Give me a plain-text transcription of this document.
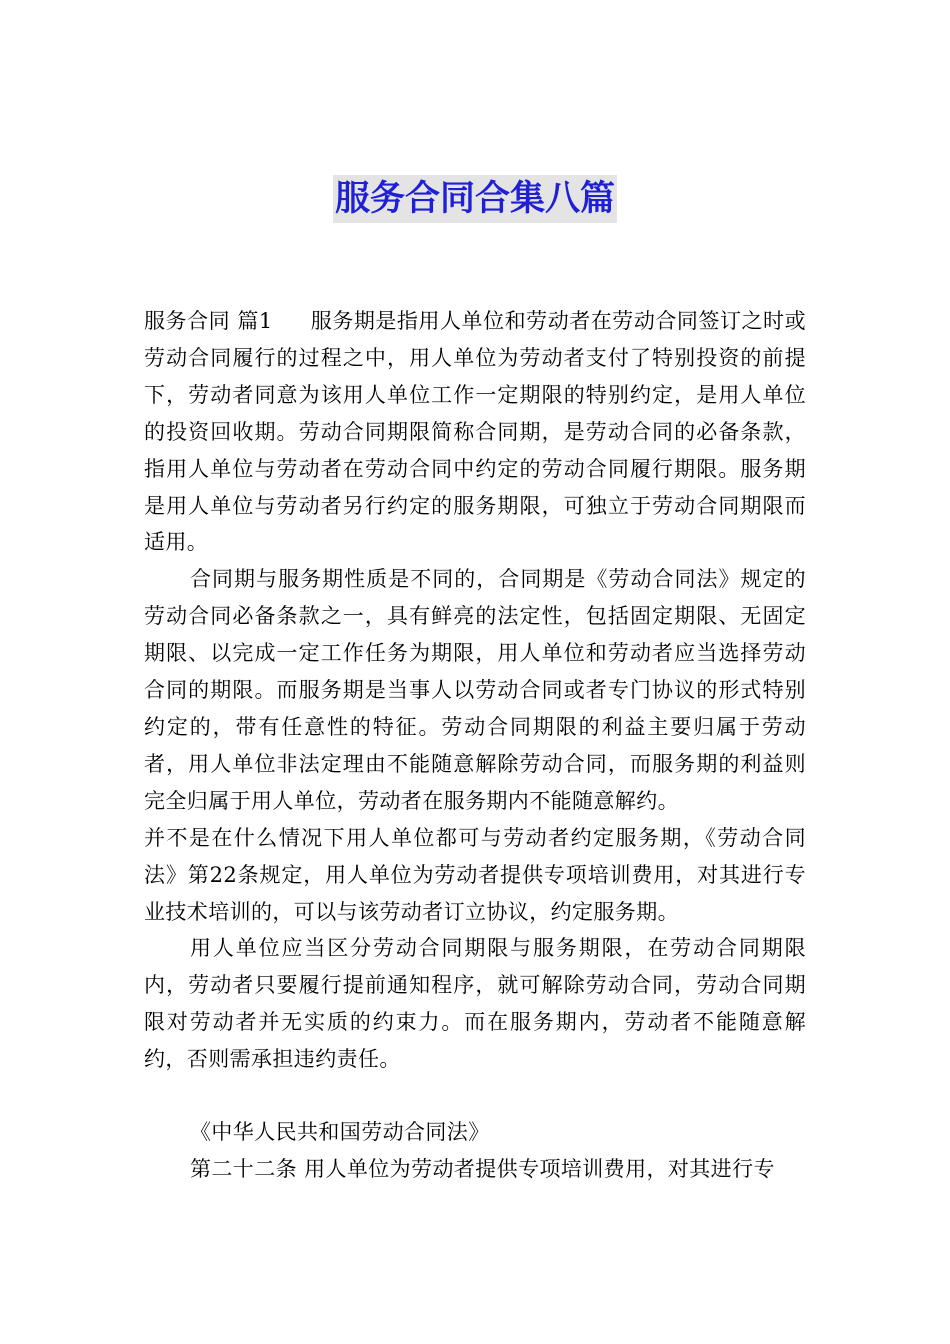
服务合同合集八篇

服务合同 篇1 服务期是指用人单位和劳动者在劳动合同签订之时或劳动合同履行的过程之中，用人单位为劳动者支付了特别投资的前提下，劳动者同意为该用人单位工作一定期限的特别约定，是用人单位的投资回收期。劳动合同期限简称合同期，是劳动合同的必备条款，指用人单位与劳动者在劳动合同中约定的劳动合同履行期限。服务期是用人单位与劳动者另行约定的服务期限，可独立于劳动合同期限而适用。

合同期与服务期性质是不同的，合同期是《劳动合同法》规定的劳动合同必备条款之一，具有鲜亮的法定性，包括固定期限、无固定期限、以完成一定工作任务为期限，用人单位和劳动者应当选择劳动合同的期限。而服务期是当事人以劳动合同或者专门协议的形式特别约定的，带有任意性的特征。劳动合同期限的利益主要归属于劳动者，用人单位非法定理由不能随意解除劳动合同，而服务期的利益则完全归属于用人单位，劳动者在服务期内不能随意解约。

并不是在什么情况下用人单位都可与劳动者约定服务期，《劳动合同法》第22条规定，用人单位为劳动者提供专项培训费用，对其进行专业技术培训的，可以与该劳动者订立协议，约定服务期。

用人单位应当区分劳动合同期限与服务期限，在劳动合同期限内，劳动者只要履行提前通知程序，就可解除劳动合同，劳动合同期限对劳动者并无实质的约束力。而在服务期内，劳动者不能随意解约，否则需承担违约责任。

《中华人民共和国劳动合同法》

第二十二条 用人单位为劳动者提供专项培训费用，对其进行专
